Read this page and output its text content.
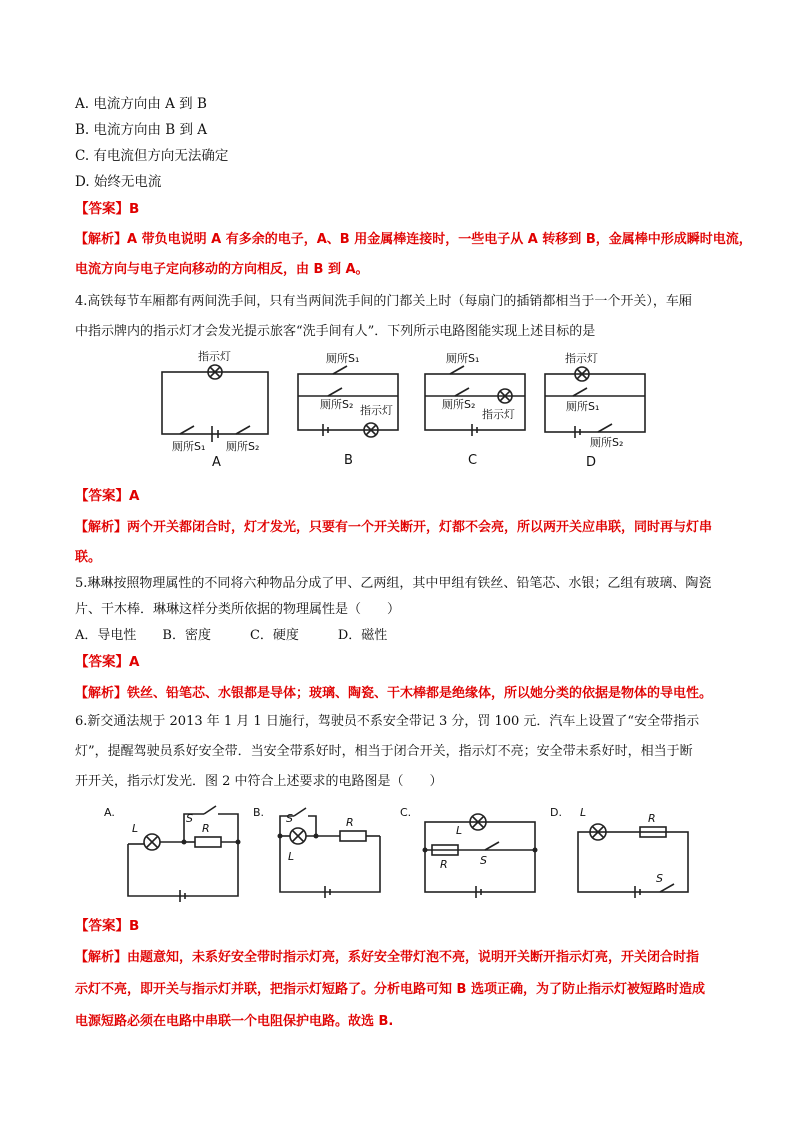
A. 电流方向由 A 到 B
B. 电流方向由 B 到 A
C. 有电流但方向无法确定
D. 始终无电流
【答案】B
【解析】A 带负电说明 A 有多余的电子，A、B 用金属棒连接时，一些电子从 A 转移到 B，金属棒中形成瞬时电流，
电流方向与电子定向移动的方向相反，由 B 到 A。
4.高铁每节车厢都有两间洗手间，只有当两间洗手间的门都关上时（每扇门的插销都相当于一个开关），车厢
中指示牌内的指示灯才会发光提示旅客“洗手间有人”．下列所示电路图能实现上述目标的是
指示灯
厕所S₁ 厕所S₂
A
厕所S₁
厕所S₂ 指示灯
B
厕所S₁
厕所S₂
指示灯
C
指示灯
厕所S₁
厕所S₂
D
【答案】A
【解析】两个开关都闭合时，灯才发光，只要有一个开关断开，灯都不会亮，所以两开关应串联，同时再与灯串
联。
5.琳琳按照物理属性的不同将六种物品分成了甲、乙两组，其中甲组有铁丝、铅笔芯、水银；乙组有玻璃、陶瓷
片、干木棒．琳琳这样分类所依据的物理属性是（　　）
A．导电性　　B．密度　　　C．硬度　　　D．磁性
【答案】A
【解析】铁丝、铅笔芯、水银都是导体；玻璃、陶瓷、干木棒都是绝缘体，所以她分类的依据是物体的导电性。
6.新交通法规于 2013 年 1 月 1 日施行，驾驶员不系安全带记 3 分，罚 100 元．汽车上设置了“安全带指示
灯”，提醒驾驶员系好安全带．当安全带系好时，相当于闭合开关，指示灯不亮；安全带未系好时，相当于断
开开关，指示灯发光．图 2 中符合上述要求的电路图是（　　）
A.
L
S
R
B. S
L
R
C.
L
R	S
D. L	R
S
【答案】B
【解析】由题意知，未系好安全带时指示灯亮，系好安全带灯泡不亮，说明开关断开指示灯亮，开关闭合时指
示灯不亮，即开关与指示灯并联，把指示灯短路了。分析电路可知 B 选项正确，为了防止指示灯被短路时造成
电源短路必须在电路中串联一个电阻保护电路。故选 B.
